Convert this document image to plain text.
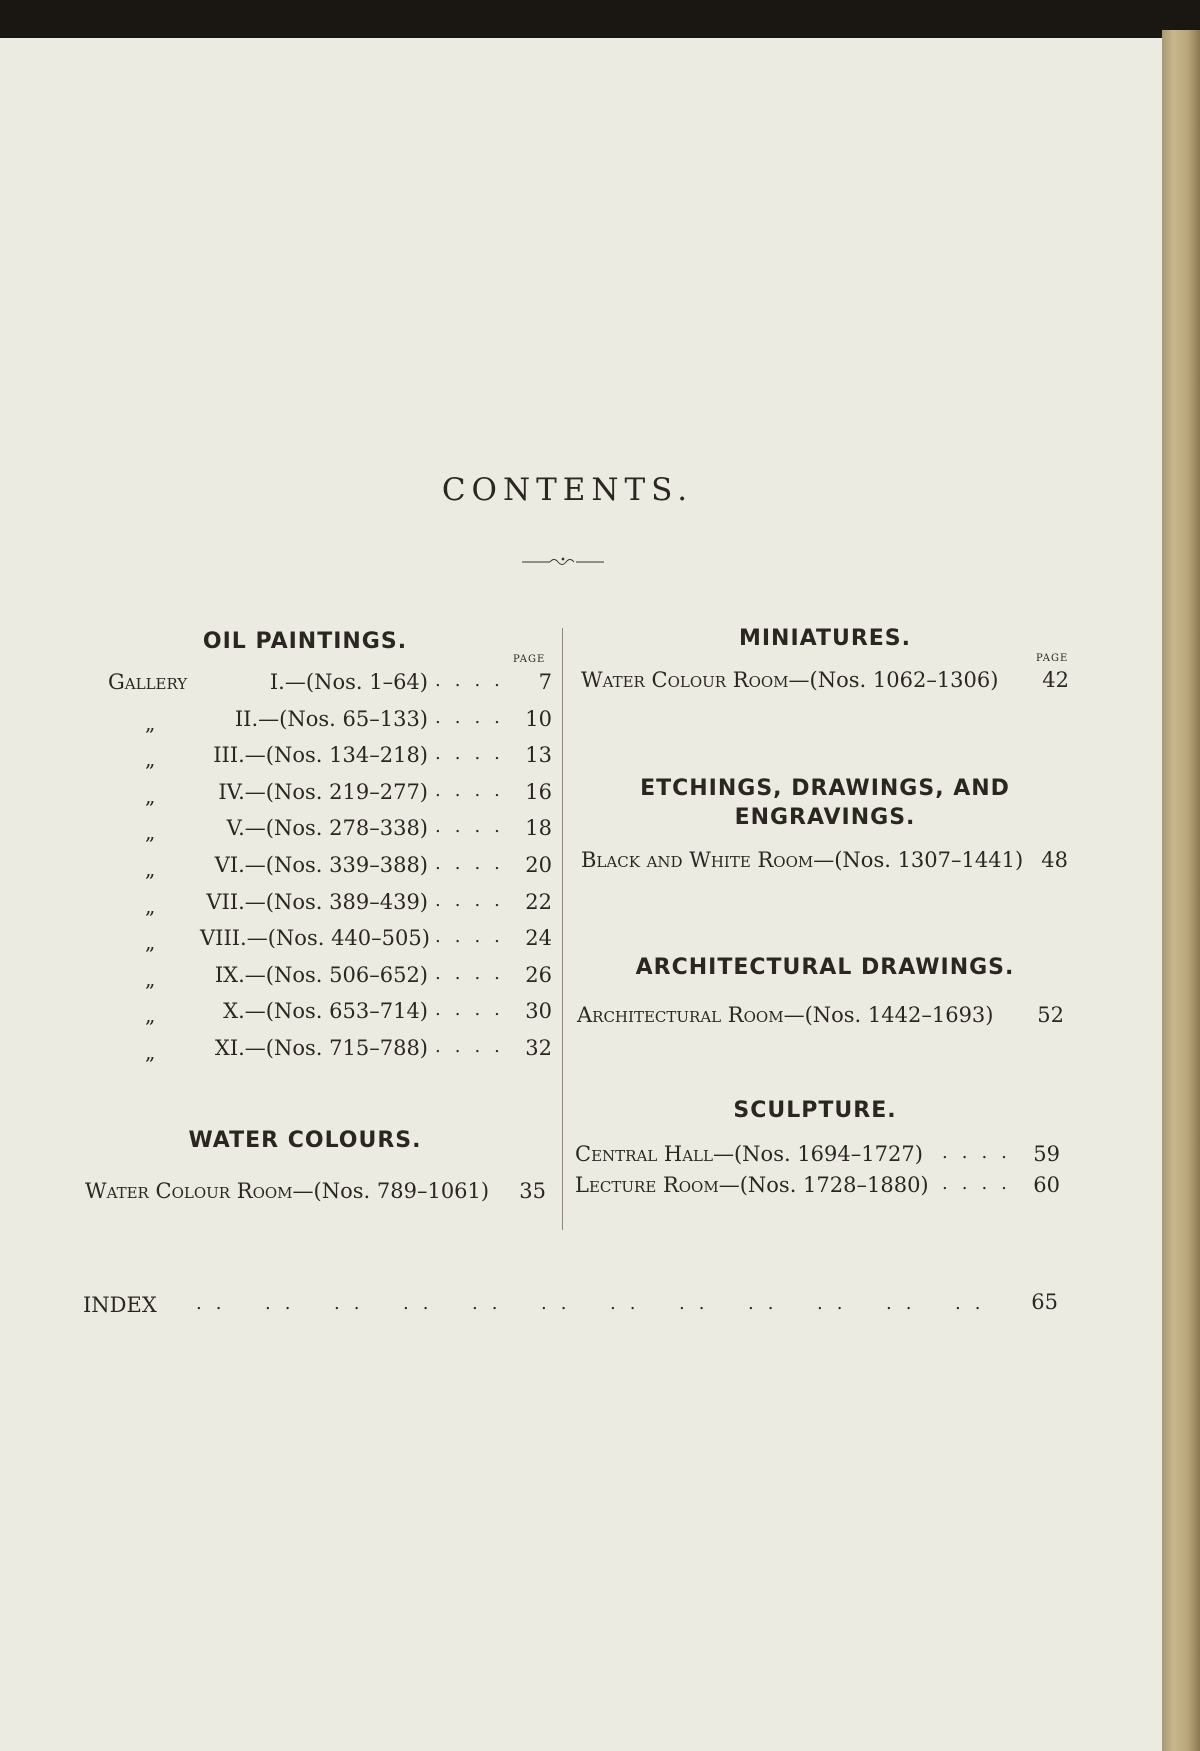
CONTENTS.
OIL PAINTINGS.
PAGE
Gallery	I.—(Nos. 1–64) ....	7
„	II.—(Nos. 65–133) .... 10
„	III.—(Nos. 134–218) .... 13
„	IV.—(Nos. 219–277) .... 16
„	V.—(Nos. 278–338) .... 18
„	VI.—(Nos. 339–388) .... 20
„	VII.—(Nos. 389–439) .... 22
„ VIII.—(Nos. 440–505) .... 24
„	IX.—(Nos. 506–652) .... 26
„	X.—(Nos. 653–714) .... 30
„	XI.—(Nos. 715–788) .... 32
WATER COLOURS.
Water Colour Room—(Nos. 789–1061)	35
MINIATURES.
PAGE
Water Colour Room—(Nos. 1062–1306)	42
ETCHINGS, DRAWINGS, AND
ENGRAVINGS.
Black and White Room—(Nos. 1307–1441) 48
ARCHITECTURAL DRAWINGS.
Architectural Room—(Nos. 1442–1693)	52
SCULPTURE.
Central Hall—(Nos. 1694–1727) .... 59
Lecture Room—(Nos. 1728–1880) .... 60
INDEX .. .. .. .. .. .. .. .. .. .. .. ..	65
